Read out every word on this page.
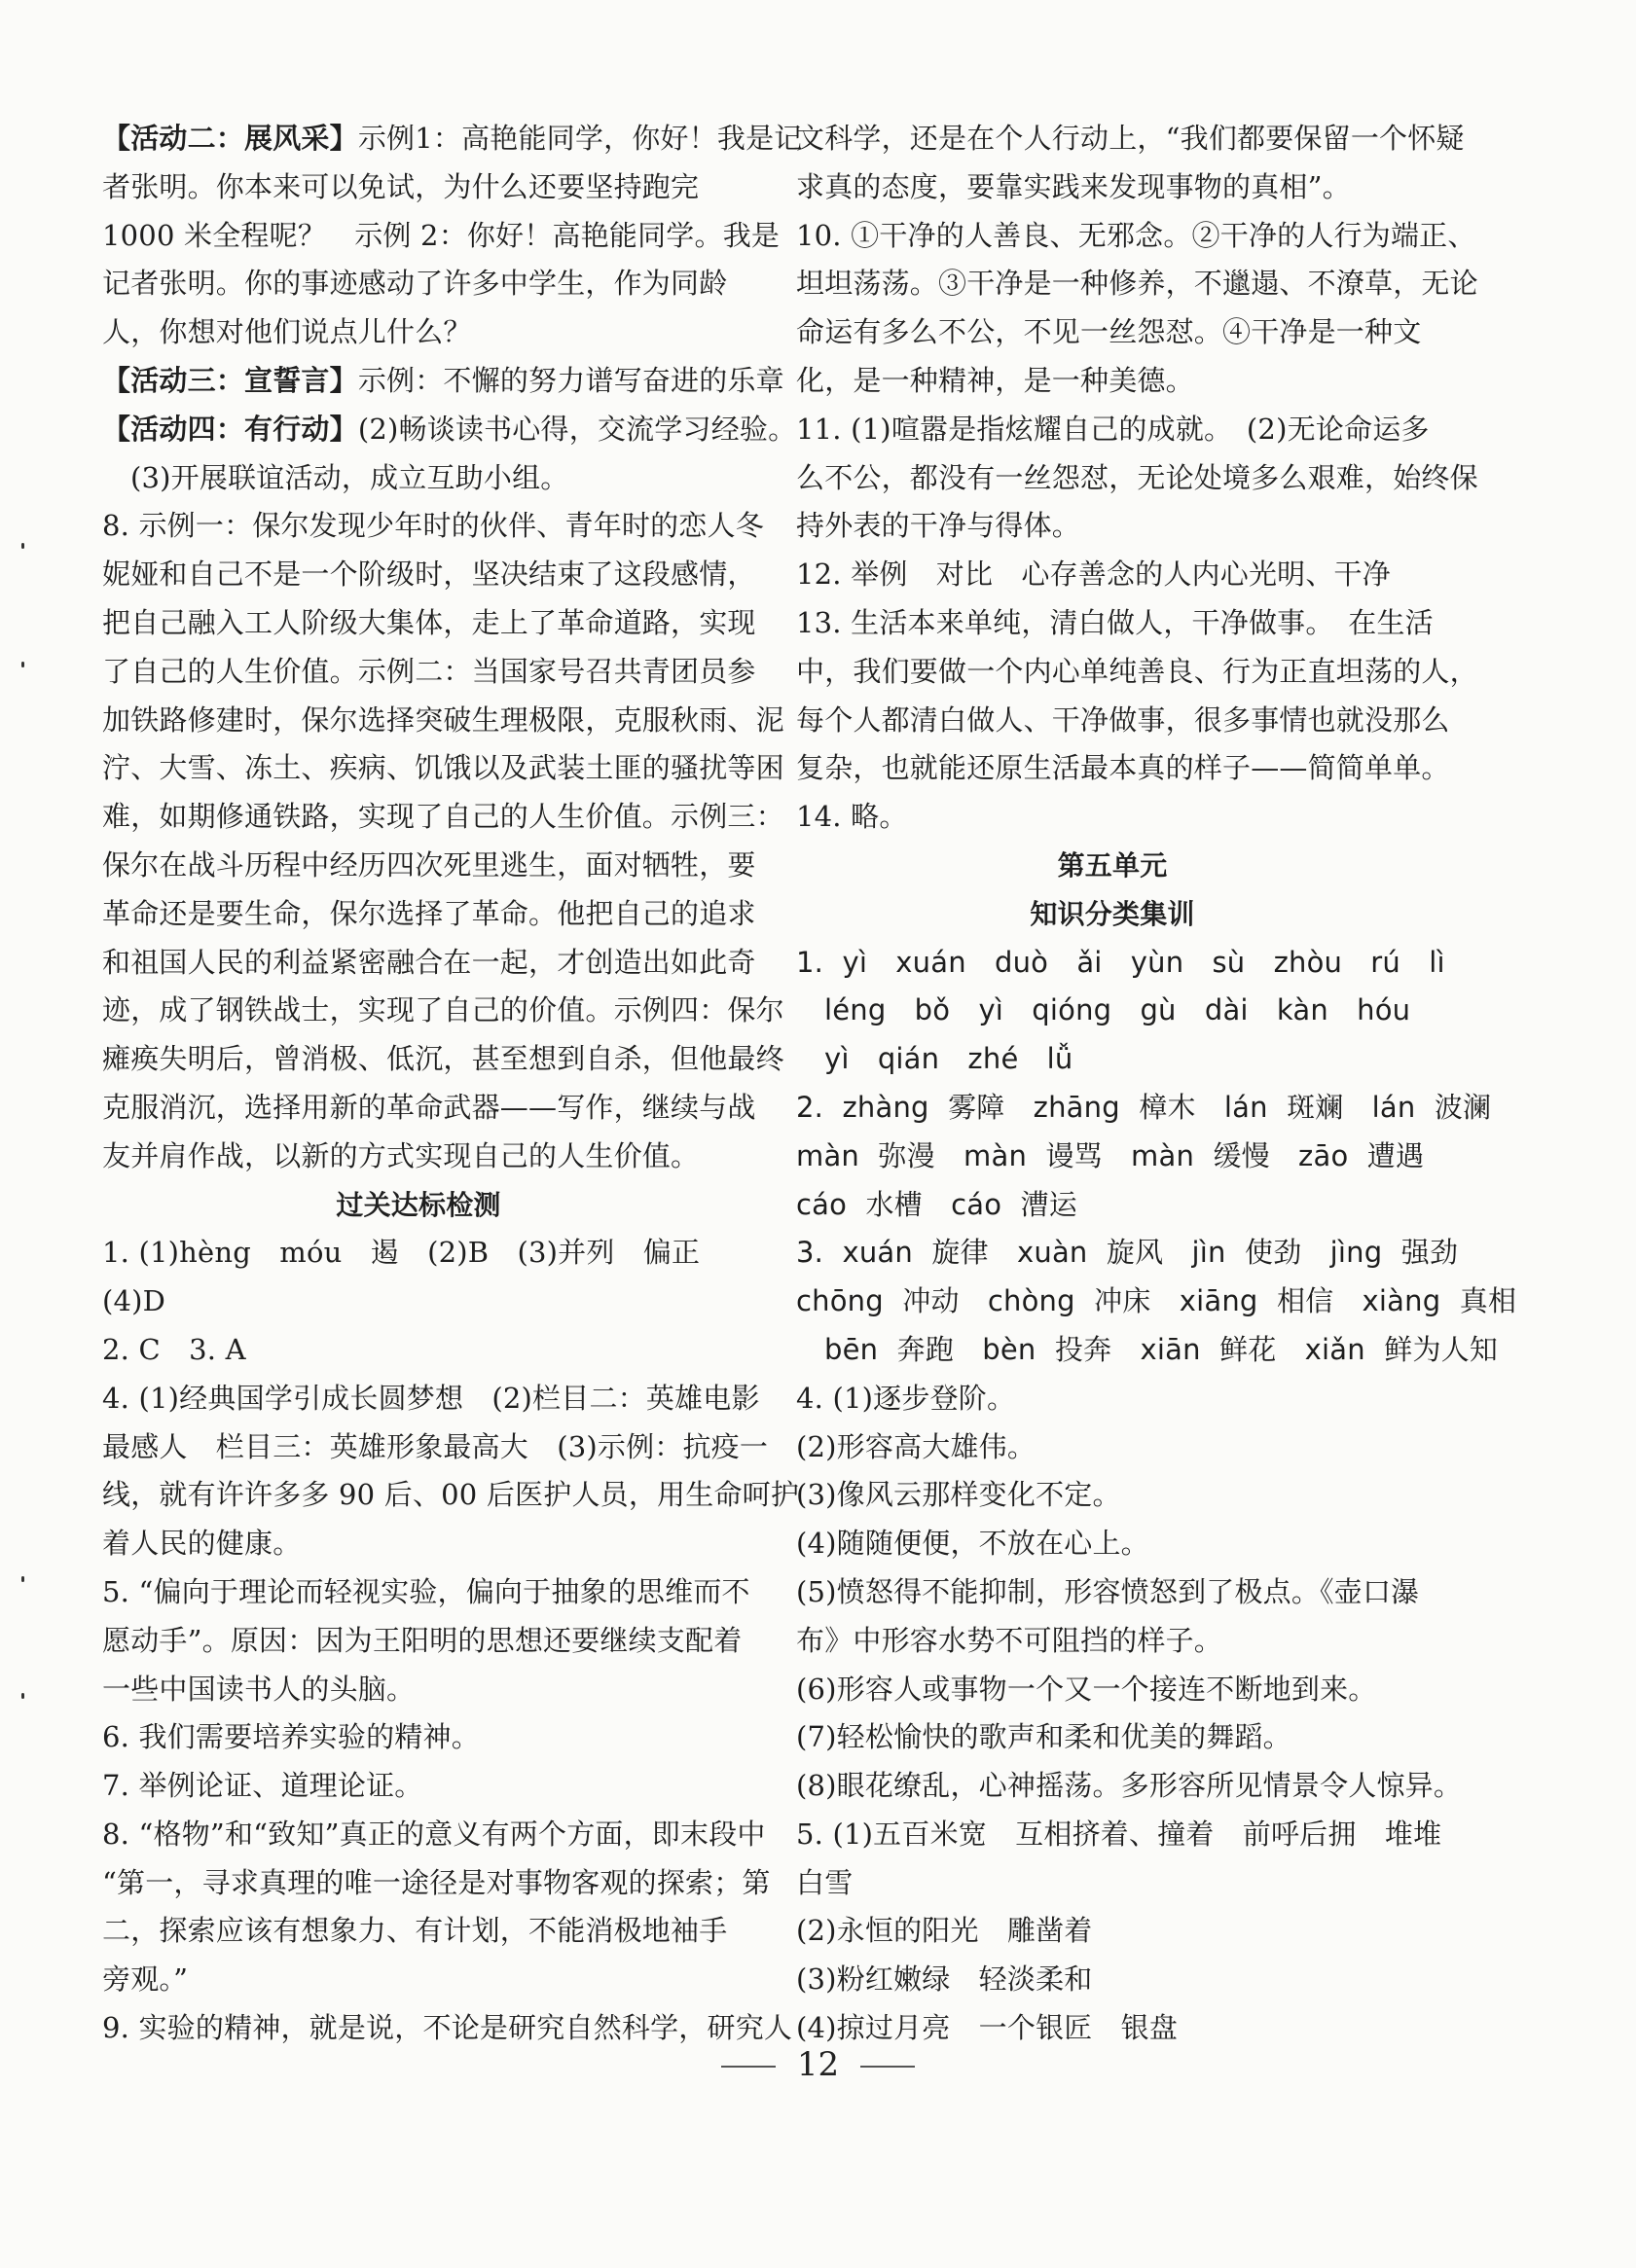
【活动二：展风采】示例1：高艳能同学，你好！我是记
者张明。你本来可以免试，为什么还要坚持跑完
1000 米全程呢？　示例 2：你好！高艳能同学。我是
记者张明。你的事迹感动了许多中学生，作为同龄
人，你想对他们说点儿什么？
【活动三：宣誓言】示例：不懈的努力谱写奋进的乐章
【活动四：有行动】(2)畅谈读书心得，交流学习经验。
(3)开展联谊活动，成立互助小组。
8. 示例一：保尔发现少年时的伙伴、青年时的恋人冬
妮娅和自己不是一个阶级时，坚决结束了这段感情，
把自己融入工人阶级大集体，走上了革命道路，实现
了自己的人生价值。示例二：当国家号召共青团员参
加铁路修建时，保尔选择突破生理极限，克服秋雨、泥
泞、大雪、冻土、疾病、饥饿以及武装土匪的骚扰等困
难，如期修通铁路，实现了自己的人生价值。示例三：
保尔在战斗历程中经历四次死里逃生，面对牺牲，要
革命还是要生命，保尔选择了革命。他把自己的追求
和祖国人民的利益紧密融合在一起，才创造出如此奇
迹，成了钢铁战士，实现了自己的价值。示例四：保尔
瘫痪失明后，曾消极、低沉，甚至想到自杀，但他最终
克服消沉，选择用新的革命武器——写作，继续与战
友并肩作战，以新的方式实现自己的人生价值。
过关达标检测
1. (1)hèng　móu　遏　(2)B　(3)并列　偏正
(4)D
2. C　3. A
4. (1)经典国学引成长圆梦想　(2)栏目二：英雄电影
最感人　栏目三：英雄形象最高大　(3)示例：抗疫一
线，就有许许多多 90 后、00 后医护人员，用生命呵护
着人民的健康。
5. “偏向于理论而轻视实验，偏向于抽象的思维而不
愿动手”。原因：因为王阳明的思想还要继续支配着
一些中国读书人的头脑。
6. 我们需要培养实验的精神。
7. 举例论证、道理论证。
8. “格物”和“致知”真正的意义有两个方面，即末段中
“第一，寻求真理的唯一途径是对事物客观的探索；第
二，探索应该有想象力、有计划，不能消极地袖手
旁观。”
9. 实验的精神，就是说，不论是研究自然科学，研究人
文科学，还是在个人行动上，“我们都要保留一个怀疑
求真的态度，要靠实践来发现事物的真相”。
10. ①干净的人善良、无邪念。②干净的人行为端正、
坦坦荡荡。③干净是一种修养，不邋遢、不潦草，无论
命运有多么不公，不见一丝怨怼。④干净是一种文
化，是一种精神，是一种美德。
11. (1)喧嚣是指炫耀自己的成就。　(2)无论命运多
么不公，都没有一丝怨怼，无论处境多么艰难，始终保
持外表的干净与得体。
12. 举例　对比　心存善念的人内心光明、干净
13. 生活本来单纯，清白做人，干净做事。　在生活
中，我们要做一个内心单纯善良、行为正直坦荡的人，
每个人都清白做人、干净做事，很多事情也就没那么
复杂，也就能还原生活最本真的样子——简简单单。
14. 略。
第五单元
知识分类集训
1. yì　xuán　duò　ǎi　yùn　sù　zhòu　rú　lì
léng　bǒ　yì　qióng　gù　dài　kàn　hóu
yì　qián　zhé　lǚ
2. zhàng 雾障　zhāng 樟木　lán 斑斓　lán 波澜
màn 弥漫　màn 谩骂　màn 缓慢　zāo 遭遇
cáo 水槽　cáo 漕运
3. xuán 旋律　xuàn 旋风　jìn 使劲　jìng 强劲
chōng 冲动　chòng 冲床　xiāng 相信　xiàng 真相
bēn 奔跑　bèn 投奔　xiān 鲜花　xiǎn 鲜为人知
4. (1)逐步登阶。
(2)形容高大雄伟。
(3)像风云那样变化不定。
(4)随随便便，不放在心上。
(5)愤怒得不能抑制，形容愤怒到了极点。《壶口瀑
布》中形容水势不可阻挡的样子。
(6)形容人或事物一个又一个接连不断地到来。
(7)轻松愉快的歌声和柔和优美的舞蹈。
(8)眼花缭乱，心神摇荡。多形容所见情景令人惊异。
5. (1)五百米宽　互相挤着、撞着　前呼后拥　堆堆
白雪
(2)永恒的阳光　雕凿着
(3)粉红嫩绿　轻淡柔和
(4)掠过月亮　一个银匠　银盘
12
